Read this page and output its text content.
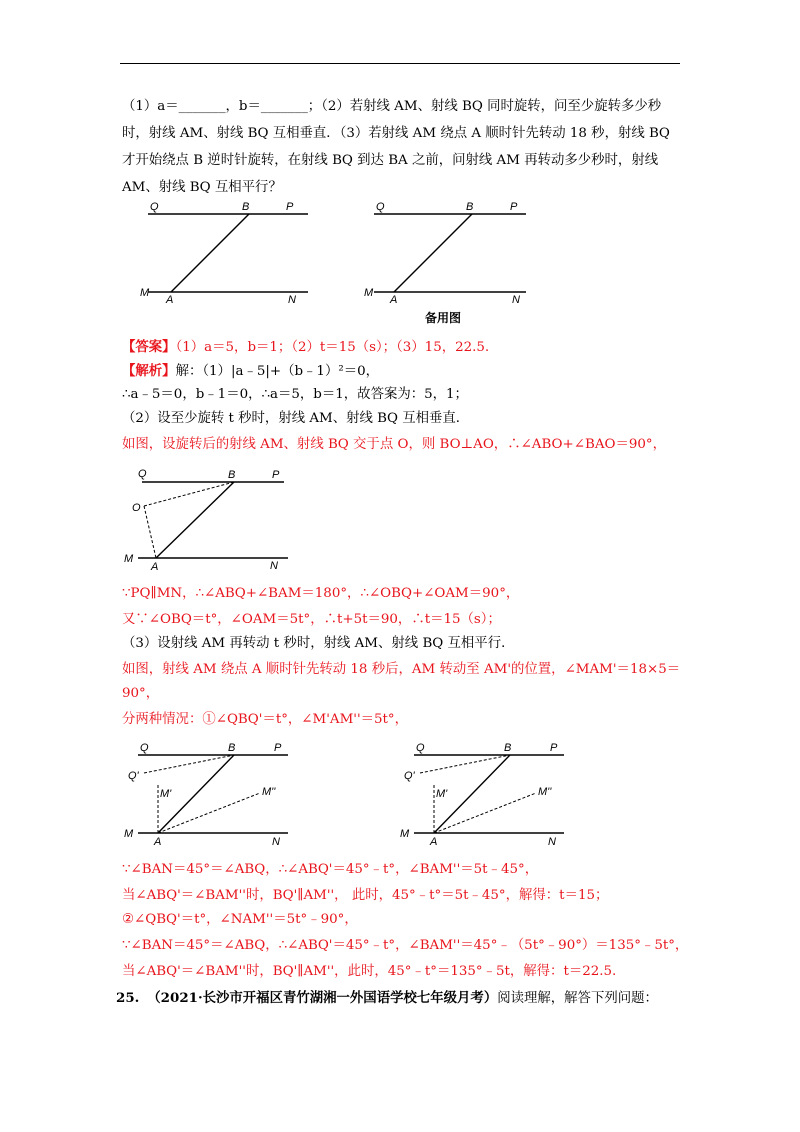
（1）a＝_______，b＝_______；（2）若射线 AM、射线 BQ 同时旋转，问至少旋转多少秒
时，射线 AM、射线 BQ 互相垂直．（3）若射线 AM 绕点 A 顺时针先转动 18 秒，射线 BQ
才开始绕点 B 逆时针旋转，在射线 BQ 到达 BA 之前，问射线 AM 再转动多少秒时，射线
AM、射线 BQ 互相平行？
Q	B	P
M
A	N
Q	B	P
M
A	N
备用图
【答案】（1）a＝5，b＝1；（2）t＝15（s）；（3）15，22.5.
【解析】解：（1）|a﹣5|+（b﹣1）²＝0，
∴a﹣5＝0，b﹣1＝0，∴a＝5，b＝1，故答案为：5，1；
（2）设至少旋转 t 秒时，射线 AM、射线 BQ 互相垂直．
如图，设旋转后的射线 AM、射线 BQ 交于点 O，则 BO⊥AO，∴∠ABO+∠BAO＝90°，
Q	B	P
O
M
A	N
∵PQ∥MN，∴∠ABQ+∠BAM＝180°，∴∠OBQ+∠OAM＝90°，
又∵∠OBQ＝t°，∠OAM＝5t°，∴t+5t＝90，∴t＝15（s）；
（3）设射线 AM 再转动 t 秒时，射线 AM、射线 BQ 互相平行．
如图，射线 AM 绕点 A 顺时针先转动 18 秒后，AM 转动至 AM'的位置，∠MAM'＝18×5＝
90°，
分两种情况：①∠QBQ'＝t°，∠M'AM''＝5t°，
Q	B	P
Q'
M'	M''
M
A	N
Q	B	P
Q'
M'	M''
M
A	N
∵∠BAN＝45°＝∠ABQ，∴∠ABQ'＝45°﹣t°，∠BAM''＝5t﹣45°，
当∠ABQ'＝∠BAM''时，BQ'∥AM''， 此时，45°﹣t°＝5t﹣45°，解得：t＝15；
②∠QBQ'＝t°，∠NAM''＝5t°﹣90°，
∵∠BAN＝45°＝∠ABQ，∴∠ABQ'＝45°﹣t°，∠BAM''＝45°﹣（5t°﹣90°）＝135°﹣5t°，
当∠ABQ'＝∠BAM''时，BQ'∥AM''，此时，45°﹣t°＝135°﹣5t，解得：t＝22.5.
25. （2021·长沙市开福区青竹湖湘一外国语学校七年级月考）阅读理解，解答下列问题：
